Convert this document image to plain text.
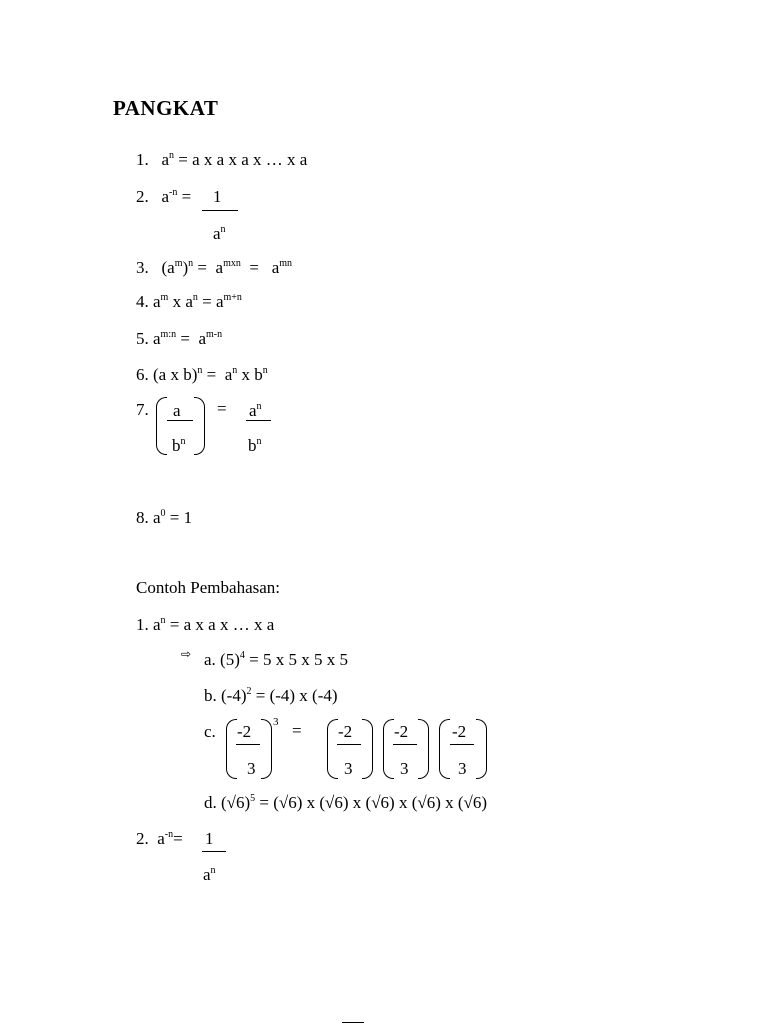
PANGKAT
1. $a^n = a$ x a x a x … x a
2. $a^{-n} = 1$
$a^n$
3. $(a^m)^n = a^{mxn} = a^{mn}$
4. $a^m$ x $a^n = a^{m+n}$
5. $a^{m:n} = a^{m-n}$
6. (a x $b)^n = a^n$ x $b^n$
7. a
$b^n$
= $a^n$
$b^n$
8. $a^0 = 1$
Contoh Pembahasan:
1. $a^n = a$ x a x … x a
⇨ a. $(5)^4 = 5$ x 5 x 5 x 5
b. $(-4)^2 = (-4)$ x (-4)
c. -2
3
3 = -2
3
-2
3
-2
3
d. $(√6)^5 = (√6)$ x (√6) x (√6) x (√6) x (√6)
2. $a^{-n}= 1$
$a^n$
